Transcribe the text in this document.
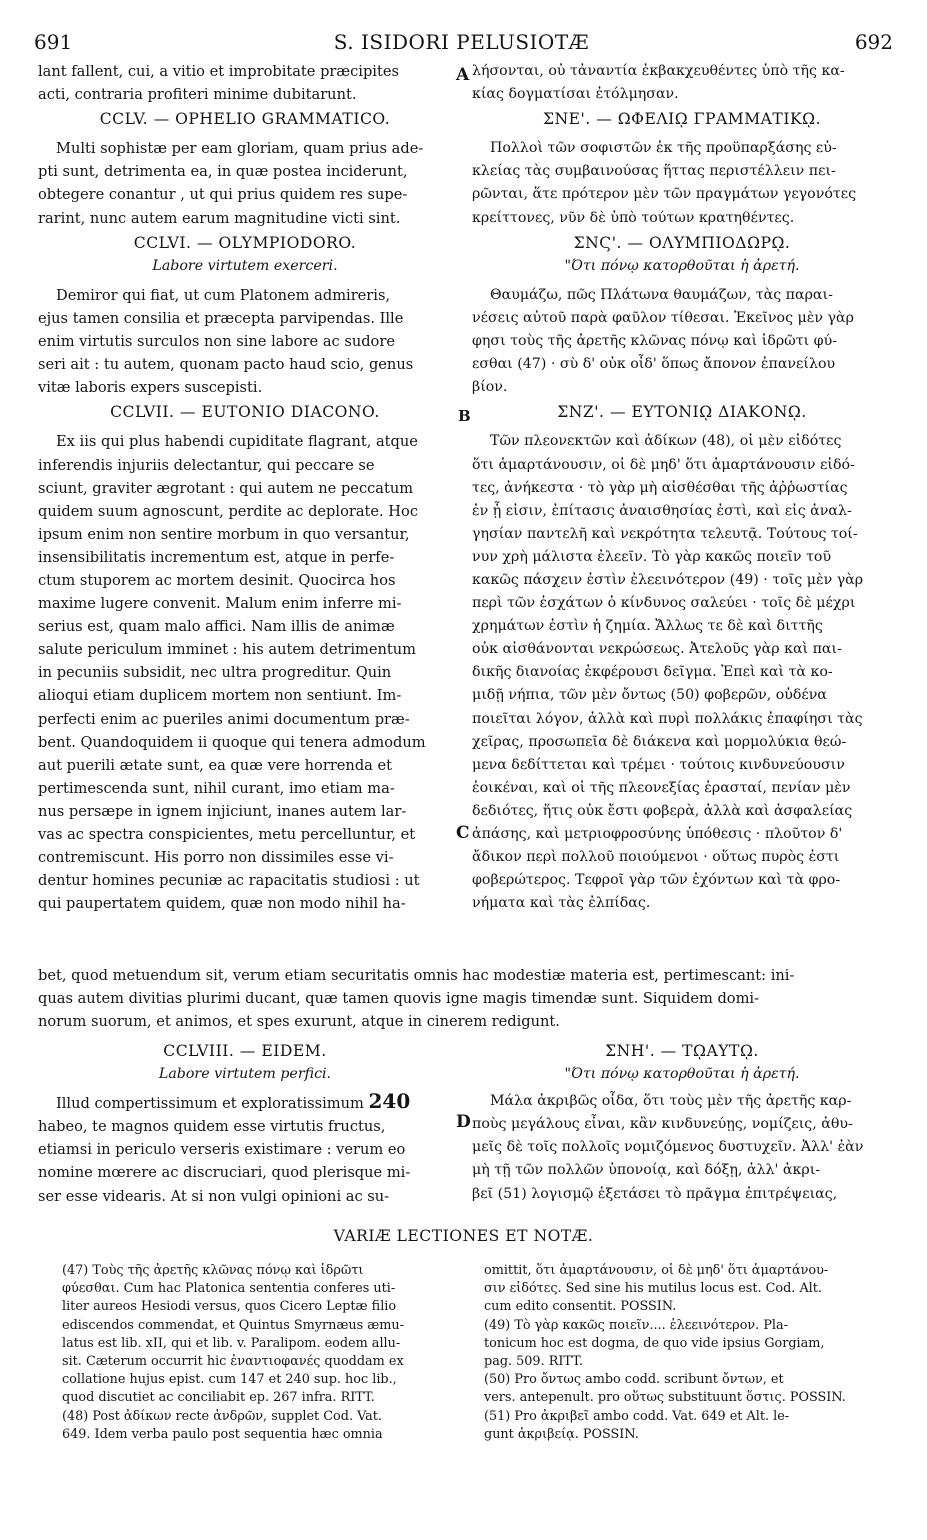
691	S. ISIDORI PELUSIOTÆ	692
A
B
C
D
lant fallent, cui, a vitio et improbitate præcipites
acti, contraria profiteri minime dubitarunt.
CCLV. — OPHELIO GRAMMATICO.
Multi sophistæ per eam gloriam, quam prius ade-
pti sunt, detrimenta ea, in quæ postea inciderunt,
obtegere conantur , ut qui prius quidem res supe-
rarint, nunc autem earum magnitudine victi sint.
CCLVI. — OLYMPIODORO.
Labore virtutem exerceri.
Demiror qui fiat, ut cum Platonem admireris,
ejus tamen consilia et præcepta parvipendas. Ille
enim virtutis surculos non sine labore ac sudore
seri ait : tu autem, quonam pacto haud scio, genus
vitæ laboris expers suscepisti.
CCLVII. — EUTONIO DIACONO.
Ex iis qui plus habendi cupiditate flagrant, atque
inferendis injuriis delectantur, qui peccare se
sciunt, graviter ægrotant : qui autem ne peccatum
quidem suum agnoscunt, perdite ac deplorate. Hoc
ipsum enim non sentire morbum in quo versantur,
insensibilitatis incrementum est, atque in perfe-
ctum stuporem ac mortem desinit. Quocirca hos
maxime lugere convenit. Malum enim inferre mi-
serius est, quam malo affici. Nam illis de animæ
salute periculum imminet : his autem detrimentum
in pecuniis subsidit, nec ultra progreditur. Quin
alioqui etiam duplicem mortem non sentiunt. Im-
perfecti enim ac pueriles animi documentum præ-
bent. Quandoquidem ii quoque qui tenera admodum
aut puerili ætate sunt, ea quæ vere horrenda et
pertimescenda sunt, nihil curant, imo etiam ma-
nus persæpe in ignem injiciunt, inanes autem lar-
vas ac spectra conspicientes, metu percelluntur, et
contremiscunt. His porro non dissimiles esse vi-
dentur homines pecuniæ ac rapacitatis studiosi : ut
qui paupertatem quidem, quæ non modo nihil ha-
λήσονται, οὐ τἀναντία ἐκβακχευθέντες ὑπὸ τῆς κα-
κίας δογματίσαι ἐτόλμησαν.
ΣΝΕ'. — ΩΦΕΛΙῼ ΓΡΑΜΜΑΤΙΚῼ.
Πολλοὶ τῶν σοφιστῶν ἐκ τῆς προϋπαρξάσης εὐ-
κλείας τὰς συμβαινούσας ἥττας περιστέλλειν πει-
ρῶνται, ἅτε πρότερον μὲν τῶν πραγμάτων γεγονότες
κρείττονες, νῦν δὲ ὑπὸ τούτων κρατηθέντες.
ΣΝϚ'. — ΟΛΥΜΠΙΟΔΩΡῼ.
"Ότι πόνῳ κατορθοῦται ἡ ἀρετή.
Θαυμάζω, πῶς Πλάτωνα θαυμάζων, τὰς παραι-
νέσεις αὐτοῦ παρὰ φαῦλον τίθεσαι. Ἐκεῖνος μὲν γὰρ
φησι τοὺς τῆς ἀρετῆς κλῶνας πόνῳ καὶ ἱδρῶτι φύ-
εσθαι (47) · σὺ δ' οὐκ οἶδ' ὅπως ἄπονον ἐπανείλου
βίον.
ΣΝΖ'. — ΕΥΤΟΝΙῼ ΔΙΑΚΟΝῼ.
Τῶν πλεονεκτῶν καὶ ἀδίκων (48), οἱ μὲν εἰδότες
ὅτι ἁμαρτάνουσιν, οἱ δὲ μηδ' ὅτι ἁμαρτάνουσιν εἰδό-
τες, ἀνήκεστα · τὸ γὰρ μὴ αἰσθέσθαι τῆς ἀῤῥωστίας
ἐν ᾗ εἰσιν, ἐπίτασις ἀναισθησίας ἐστὶ, καὶ εἰς ἀναλ-
γησίαν παντελῆ καὶ νεκρότητα τελευτᾷ. Τούτους τοί-
νυν χρὴ μάλιστα ἐλεεῖν. Τὸ γὰρ κακῶς ποιεῖν τοῦ
κακῶς πάσχειν ἐστὶν ἐλεεινότερον (49) · τοῖς μὲν γὰρ
περὶ τῶν ἐσχάτων ὁ κίνδυνος σαλεύει · τοῖς δὲ μέχρι
χρημάτων ἐστὶν ἡ ζημία. Ἄλλως τε δὲ καὶ διττῆς
οὐκ αἰσθάνονται νεκρώσεως. Ἀτελοῦς γὰρ καὶ παι-
δικῆς διανοίας ἐκφέρουσι δεῖγμα. Ἐπεὶ καὶ τὰ κο-
μιδῇ νήπια, τῶν μὲν ὄντως (50) φοβερῶν, οὐδένα
ποιεῖται λόγον, ἀλλὰ καὶ πυρὶ πολλάκις ἐπαφίησι τὰς
χεῖρας, προσωπεῖα δὲ διάκενα καὶ μορμολύκια θεώ-
μενα δεδίττεται καὶ τρέμει · τούτοις κινδυνεύουσιν
ἐοικέναι, καὶ οἱ τῆς πλεονεξίας ἐρασταί, πενίαν μὲν
δεδιότες, ἥτις οὐκ ἔστι φοβερὰ, ἀλλὰ καὶ ἀσφαλείας
ἁπάσης, καὶ μετριοφροσύνης ὑπόθεσις · πλοῦτον δ'
ἄδικον περὶ πολλοῦ ποιούμενοι · οὕτως πυρὸς ἐστι
φοβερώτερος. Τεφροῖ γὰρ τῶν ἐχόντων καὶ τὰ φρο-
νήματα καὶ τὰς ἐλπίδας.
bet, quod metuendum sit, verum etiam securitatis omnis hac modestiæ materia est, pertimescant: ini-
quas autem divitias plurimi ducant, quæ tamen quovis igne magis timendæ sunt. Siquidem domi-
norum suorum, et animos, et spes exurunt, atque in cinerem redigunt.
CCLVIII. — EIDEM.
Labore virtutem perfici.
Illud compertissimum et exploratissimum 240
habeo, te magnos quidem esse virtutis fructus,
etiamsi in periculo verseris existimare : verum eo
nomine mœrere ac discruciari, quod plerisque mi-
ser esse videaris. At si non vulgi opinioni ac su-
ΣΝΗ'. — ΤῼΑΥΤῼ.
"Ότι πόνῳ κατορθοῦται ἡ ἀρετή.
Μάλα ἀκριβῶς οἶδα, ὅτι τοὺς μὲν τῆς ἀρετῆς καρ-
ποὺς μεγάλους εἶναι, κἂν κινδυνεύῃς, νομίζεις, ἀθυ-
μεῖς δὲ τοῖς πολλοῖς νομιζόμενος δυστυχεῖν. Ἀλλ' ἐὰν
μὴ τῇ τῶν πολλῶν ὑπονοίᾳ, καὶ δόξῃ, ἀλλ' ἀκρι-
βεῖ (51) λογισμῷ ἐξετάσει τὸ πρᾶγμα ἐπιτρέψειας,
VARIÆ LECTIONES ET NOTÆ.
(47) Τοὺς τῆς ἀρετῆς κλῶνας πόνῳ καὶ ἱδρῶτι
φύεσθαι. Cum hac Platonica sententia conferes uti-
liter aureos Hesiodi versus, quos Cicero Leptæ filio
ediscendos commendat, et Quintus Smyrnæus æmu-
latus est lib. xII, qui et lib. v. Paralipom. eodem allu-
sit. Cæterum occurrit hic ἐναντιοφανές quoddam ex
collatione hujus epist. cum 147 et 240 sup. hoc lib.,
quod discutiet ac conciliabit ep. 267 infra. RITT.
(48) Post ἀδίκων recte ἀνδρῶν, supplet Cod. Vat.
649. Idem verba paulo post sequentia hæc omnia
omittit, ὅτι ἁμαρτάνουσιν, οἱ δὲ μηδ' ὅτι ἁμαρτάνου-
σιν εἰδότες. Sed sine his mutilus locus est. Cod. Alt.
cum edito consentit. POSSIN.
(49) Τὸ γὰρ κακῶς ποιεῖν.... ἐλεεινότερον. Pla-
tonicum hoc est dogma, de quo vide ipsius Gorgiam,
pag. 509. RITT.
(50) Pro ὄντως ambo codd. scribunt ὄντων, et
vers. antepenult. pro οὕτως substituunt ὅστις. POSSIN.
(51) Pro ἀκριβεῖ ambo codd. Vat. 649 et Alt. le-
gunt ἀκριβείᾳ. POSSIN.
